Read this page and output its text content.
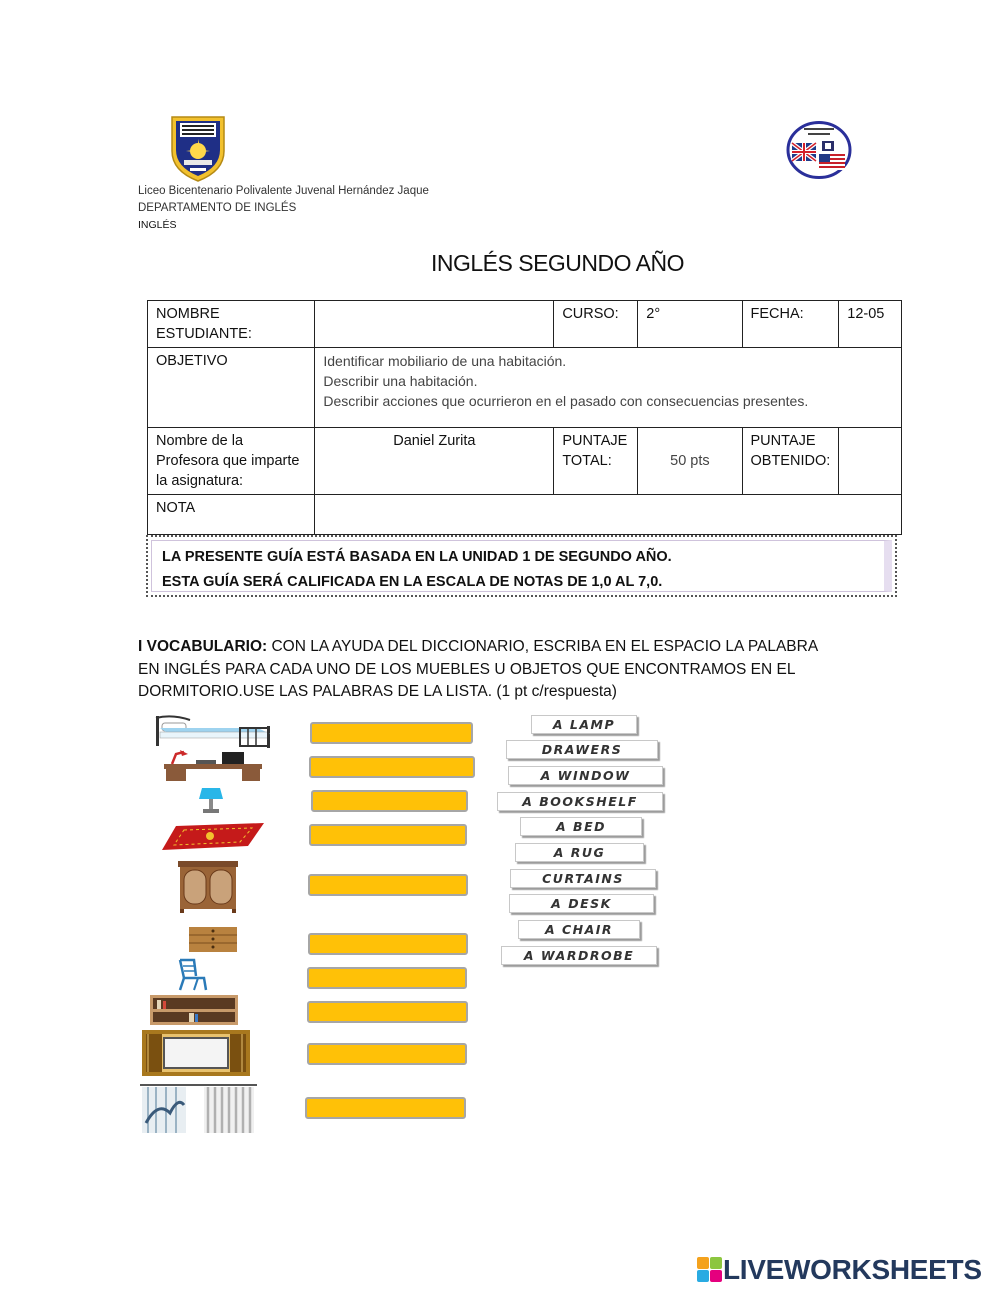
Liceo Bicentenario Polivalente Juvenal Hernández Jaque
DEPARTAMENTO DE INGLÉS
INGLÉS
INGLÉS SEGUNDO AÑO
NOMBRE ESTUDIANTE:		CURSO:	2°	FECHA:	12-05
OBJETIVO	Identificar mobiliario de una habitación.
Describir una habitación.
Describir acciones que ocurrieron en el pasado con consecuencias presentes.				

Nombre de la Profesora que imparte la asignatura:	Daniel Zurita	PUNTAJE TOTAL:	50 pts	PUNTAJE OBTENIDO:	
NOTA					
LA PRESENTE GUÍA ESTÁ BASADA EN LA UNIDAD 1 DE SEGUNDO AÑO.
ESTA GUÍA SERÁ CALIFICADA EN LA ESCALA DE NOTAS DE 1,0 AL 7,0.
I VOCABULARIO: CON LA AYUDA DEL DICCIONARIO, ESCRIBA EN EL ESPACIO LA PALABRA EN INGLÉS PARA CADA UNO DE LOS MUEBLES U OBJETOS QUE ENCONTRAMOS EN EL DORMITORIO.USE LAS PALABRAS DE LA LISTA. (1 pt c/respuesta)
A LAMP
DRAWERS
A WINDOW
A BOOKSHELF
A BED
A RUG
CURTAINS
A DESK
A CHAIR
A WARDROBE
LIVEWORKSHEETS
